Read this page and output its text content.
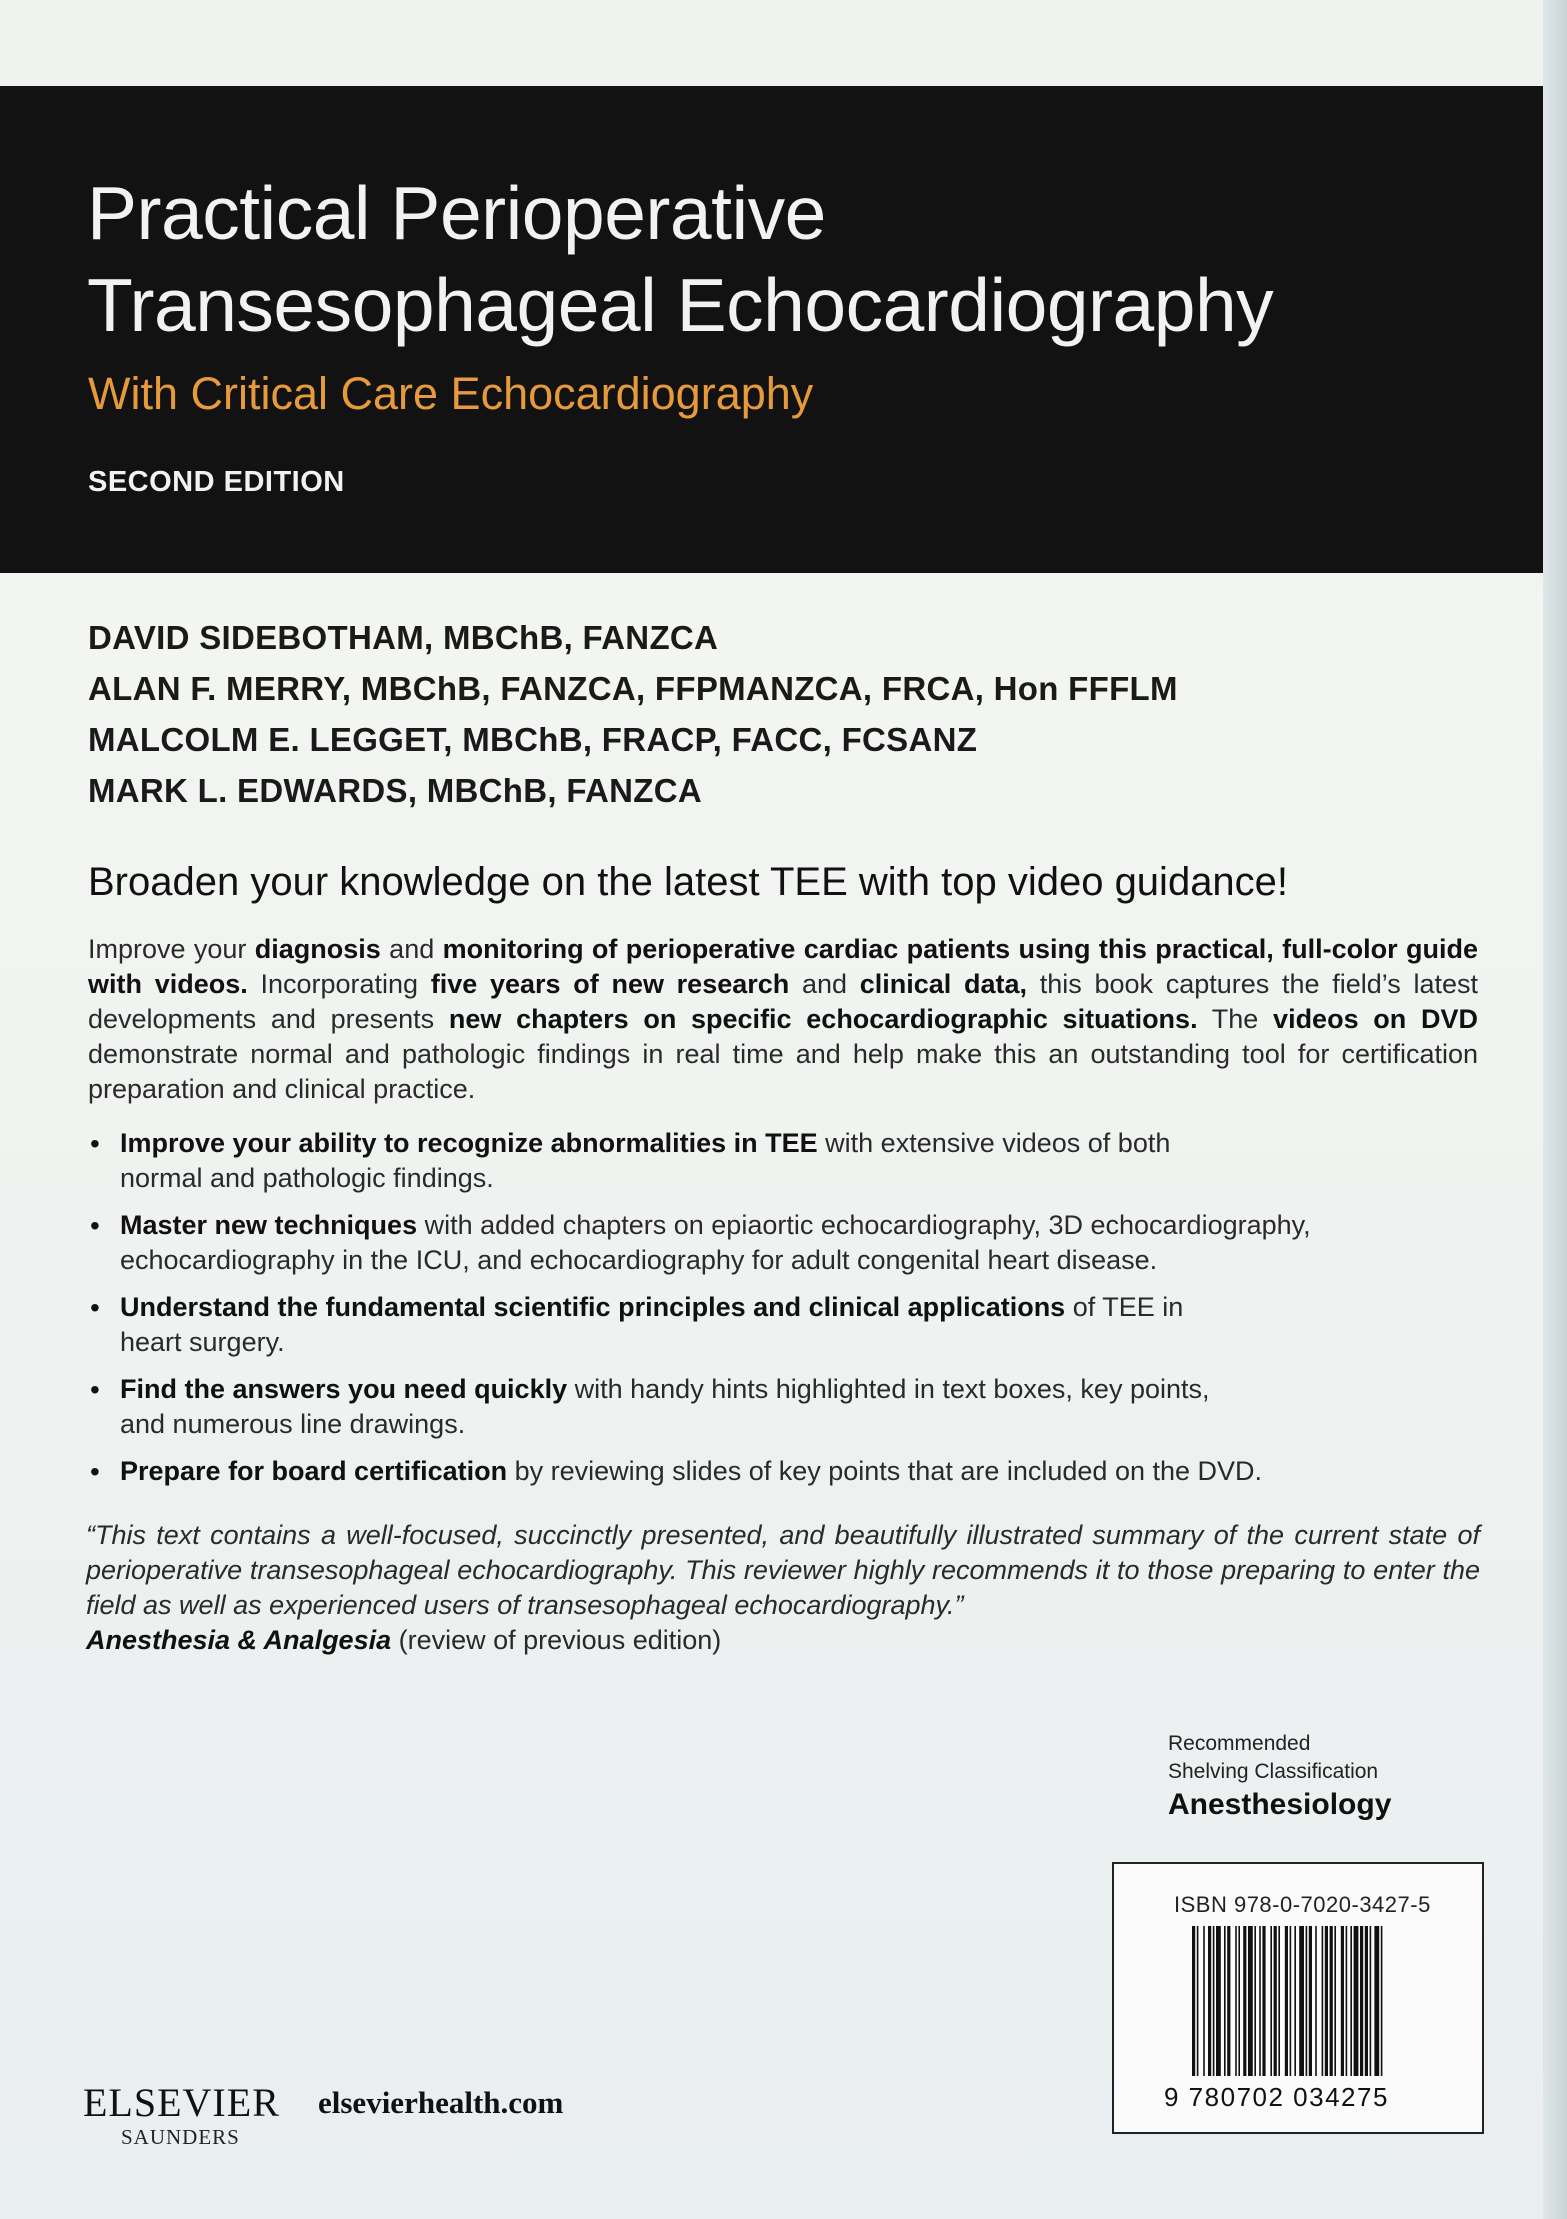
Practical Perioperative
Transesophageal Echocardiography

With Critical Care Echocardiography

SECOND EDITION

DAVID SIDEBOTHAM, MBChB, FANZCA
ALAN F. MERRY, MBChB, FANZCA, FFPMANZCA, FRCA, Hon FFFLM
MALCOLM E. LEGGET, MBChB, FRACP, FACC, FCSANZ
MARK L. EDWARDS, MBChB, FANZCA
Broaden your knowledge on the latest TEE with top video guidance!

Improve your diagnosis and monitoring of perioperative cardiac patients using this practical, full-color guide with videos. Incorporating five years of new research and clinical data, this book captures the field’s latest developments and presents new chapters on specific echocardiographic situations. The videos on DVD demonstrate normal and pathologic findings in real time and help make this an outstanding tool for certification preparation and clinical practice.

• Improve your ability to recognize abnormalities in TEE with extensive videos of both
normal and pathologic findings.
• Master new techniques with added chapters on epiaortic echocardiography, 3D echocardiography,
echocardiography in the ICU, and echocardiography for adult congenital heart disease.
• Understand the fundamental scientific principles and clinical applications of TEE in
heart surgery.
• Find the answers you need quickly with handy hints highlighted in text boxes, key points,
and numerous line drawings.
• Prepare for board certification by reviewing slides of key points that are included on the DVD.
“This text contains a well-focused, succinctly presented, and beautifully illustrated summary of the current state of perioperative transesophageal echocardiography. This reviewer highly recommends it to those preparing to enter the field as well as experienced users of transesophageal echocardiography.”
Anesthesia & Analgesia (review of previous edition)
Recommended
Shelving Classification
Anesthesiology
ISBN 978-0-7020-3427-5
9 780702 034275
ELSEVIER
SAUNDERS
elsevierhealth.com
